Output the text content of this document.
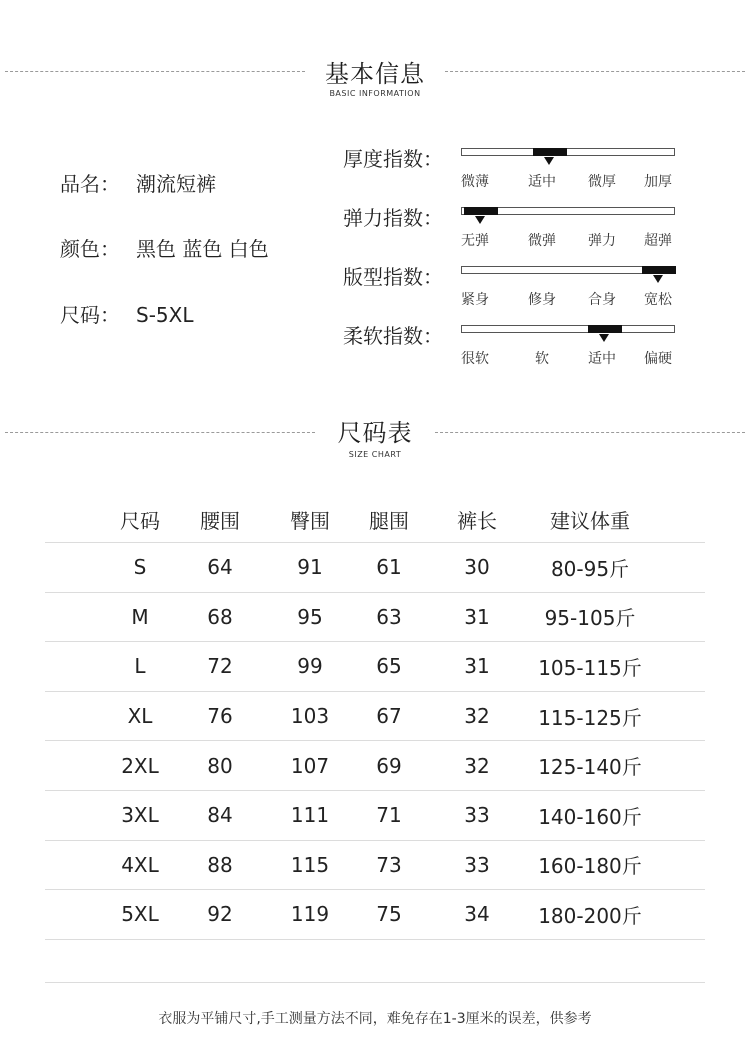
基本信息
BASIC INFORMATION
品名： 潮流短裤
颜色： 黑色 蓝色 白色
尺码： S-5XL
厚度指数：
微薄	适中 微厚 加厚
弹力指数：
无弹	微弹 弹力 超弹
版型指数：
紧身	修身 合身 宽松
柔软指数：
很软	软	适中 偏硬
尺码表
SIZE CHART
尺码	腰围	臀围	腿围	裤长	建议体重
S	64	91	61	30	80-95斤
M	68	95	63	31	95-105斤
L	72	99	65	31	105-115斤
XL	76	103	67	32	115-125斤
2XL	80	107	69	32	125-140斤
3XL	84	111	71	33	140-160斤
4XL	88	115	73	33	160-180斤
5XL	92	119	75	34	180-200斤
衣服为平铺尺寸,手工测量方法不同，难免存在1-3厘米的误差，供参考
